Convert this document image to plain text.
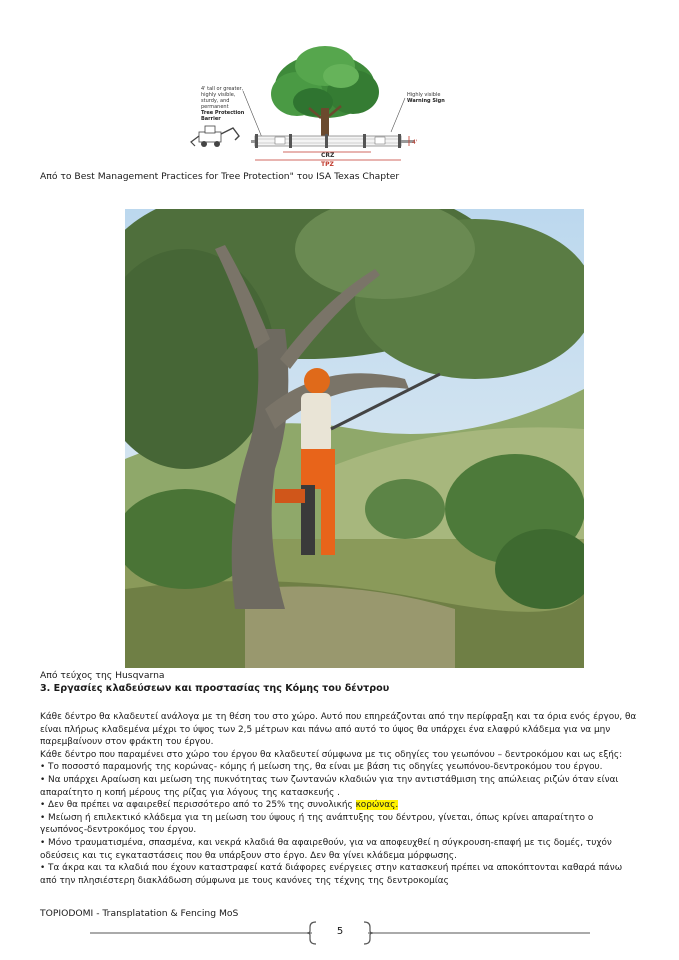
4' tall or greater,
highly visible,
sturdy, and
permanent
Tree Protection
Barrier
Highly visible
Warning Sign
4'
CRZ
TPZ
Από το Best Management Practices for Tree Protection" του ISA Texas Chapter
Από τεύχος της Husqvarna
3. Εργασίες κλαδεύσεων και προστασίας της Κόμης του δέντρου

Κάθε δέντρο θα κλαδευτεί ανάλογα με τη θέση του στο χώρο. Αυτό που επηρεάζονται από την περίφραξη και τα όρια ενός έργου, θα είναι πλήρως κλαδεμένα μέχρι το ύψος των 2,5 μέτρων και πάνω από αυτό το ύψος θα υπάρχει ένα ελαφρύ κλάδεμα για να μην παρεμβαίνουν στον φράκτη του έργου.

Κάθε δέντρο που παραμένει στο χώρο του έργου θα κλαδευτεί σύμφωνα με τις οδηγίες του γεωπόνου – δεντροκόμου και ως εξής:

• Το ποσοστό παραμονής της κορώνας- κόμης ή μείωση της, θα είναι με βάση τις οδηγίες γεωπόνου-δεντροκόμου του έργου.

• Να υπάρχει Αραίωση και μείωση της πυκνότητας των ζωντανών κλαδιών για την αντιστάθμιση της απώλειας ριζών όταν είναι απαραίτητο η κοπή μέρους της ρίζας για λόγους της κατασκευής .

• Δεν θα πρέπει να αφαιρεθεί περισσότερο από το 25% της συνολικής κορώνας.

• Μείωση ή επιλεκτικό κλάδεμα για τη μείωση του ύψους ή της ανάπτυξης του δέντρου, γίνεται, όπως κρίνει απαραίτητο ο γεωπόνος-δεντροκόμος του έργου.

• Μόνο τραυματισμένα, σπασμένα, και νεκρά κλαδιά θα αφαιρεθούν, για να αποφευχθεί η σύγκρουση-επαφή με τις δομές, τυχόν οδεύσεις και τις εγκαταστάσεις που θα υπάρξουν στο έργο. Δεν θα γίνει κλάδεμα μόρφωσης.

• Τα άκρα και τα κλαδιά που έχουν καταστραφεί κατά διάφορες ενέργειες στην κατασκευή πρέπει να αποκόπτονται καθαρά πάνω από την πλησιέστερη διακλάδωση σύμφωνα με τους κανόνες της τέχνης της δεντροκομίας

TOPIODOMI - Transplatation & Fencing MoS
5
